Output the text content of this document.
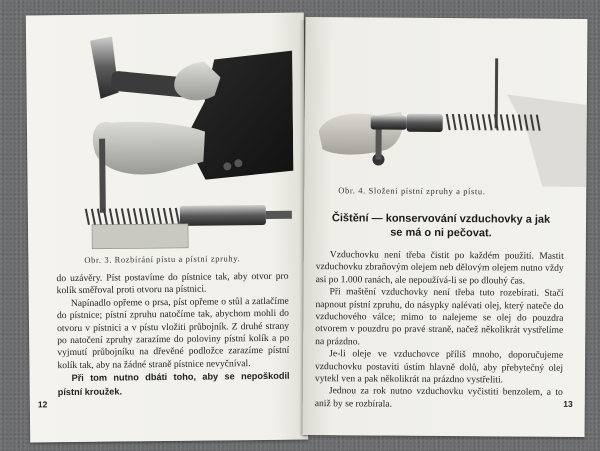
Obr. 3. Rozbírání pístu a pístní zpruhy.

do uzávěry. Píst postavíme do pístnice tak, aby otvor pro kolík směřoval proti otvoru na pístnici.

Napínadlo opřeme o prsa, píst opřeme o stůl a zatlačíme do pístnice; pístní zpruhu natočíme tak, abychom mohli do otvoru v pístnici a v pístu vložiti průbojník. Z druhé strany po natočení zpruhy zarazíme do poloviny pístní kolík a po vyjmutí průbojníku na dřevěné podložce zarazíme pístní kolík tak, aby na žádné straně pístnice nevyčníval.

Při tom nutno dbáti toho, aby se nepoškodil pístní kroužek.

12
Obr. 4. Složení pístní zpruhy a pístu.
Čištění — konservování vzduchovky a jak se má o ni pečovat.

Vzduchovku není třeba čistit po každém použití. Mastit vzduchovku zbraňovým olejem neb dělovým olejem nutno vždy asi po 1.000 ranách, ale nepoužívá-li se po dlouhý čas.

Při maštění vzduchovky není třeba tuto rozebírati. Stačí napnout pístní zpruhu, do násypky nalévati olej, který nateče do vzduchového válce; mimo to nalejeme se olej do pouzdra otvorem v pouzdru po pravé straně, načež několikrát vystřelíme na prázdno.

Je-li oleje ve vzduchovce příliš mnoho, doporučujeme vzduchovku postaviti ústím hlavně dolů, aby přebytečný olej vytekl ven a pak několikrát na prázdno vystřeliti.

Jednou za rok nutno vzduchovku vyčistiti benzolem, a to aniž by se rozbírala.	13
